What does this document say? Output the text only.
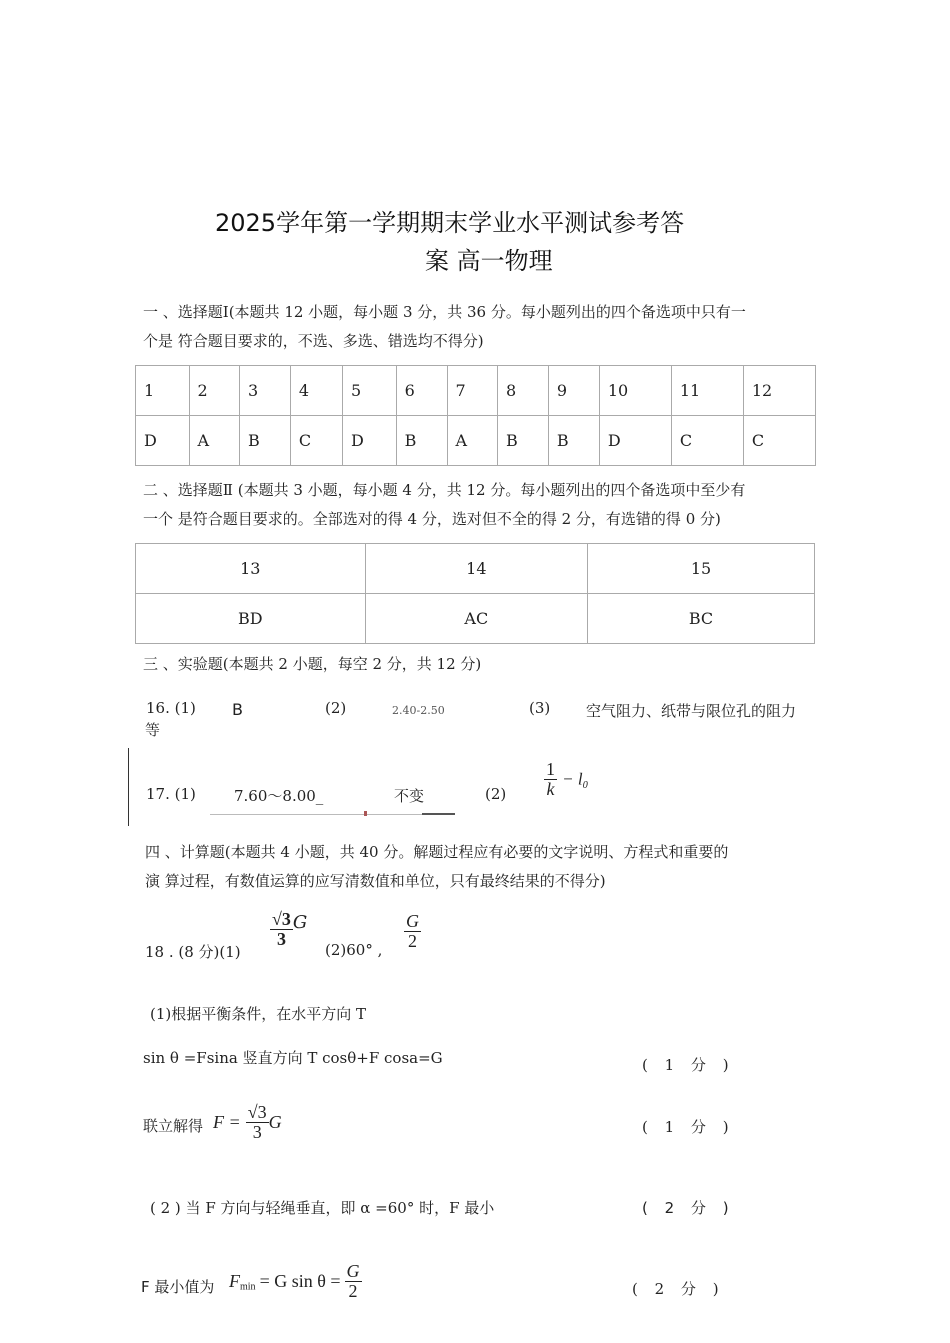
2025学年第一学期期末学业水平测试参考答
案 高一物理
一 、选择题Ⅰ(本题共 12 小题，每小题 3 分，共 36 分。每小题列出的四个备选项中只有一
个是 符合题目要求的，不选、多选、错选均不得分)
1	2	3	4	5	6	7	8	9	10	11	12
D	A	B	C	D	B	A	B	B	D	C	C
二 、选择题Ⅱ (本题共 3 小题，每小题 4 分，共 12 分。每小题列出的四个备选项中至少有
一个 是符合题目要求的。全部选对的得 4 分，选对但不全的得 2 分，有选错的得 0 分)
13	14	15
BD	AC	BC
三 、实验题(本题共 2 小题，每空 2 分，共 12 分)
16. (1) B	(2)	2.40-2.50	(3) 空气阻力、纸带与限位孔的阻力
等
17. (1)	7.60～8.00_	不变	$(2) \frac{1}{k} - l_0$
四 、计算题(本题共 4 小题，共 40 分。解题过程应有必要的文字说明、方程式和重要的
演 算过程，有数值运算的应写清数值和单位，只有最终结果的不得分)
18 . (8 分)(1)
$\frac{√3}{3}$ G
(2)60° , $\frac{G}{2}$
(1)根据平衡条件，在水平方向 T
sin θ =Fsina 竖直方向 T cosθ+F cosa=G	( 1 分 )
联立解得 $F = \frac{√3}{3}$ G	( 1 分 )
( 2 ) 当 F 方向与轻绳垂直，即 α =60° 时，F 最小	( 2 分 )
F 最小值为 $F_{min} = G$ $\sin \theta = \frac{G}{2}$	( 2 分 )
